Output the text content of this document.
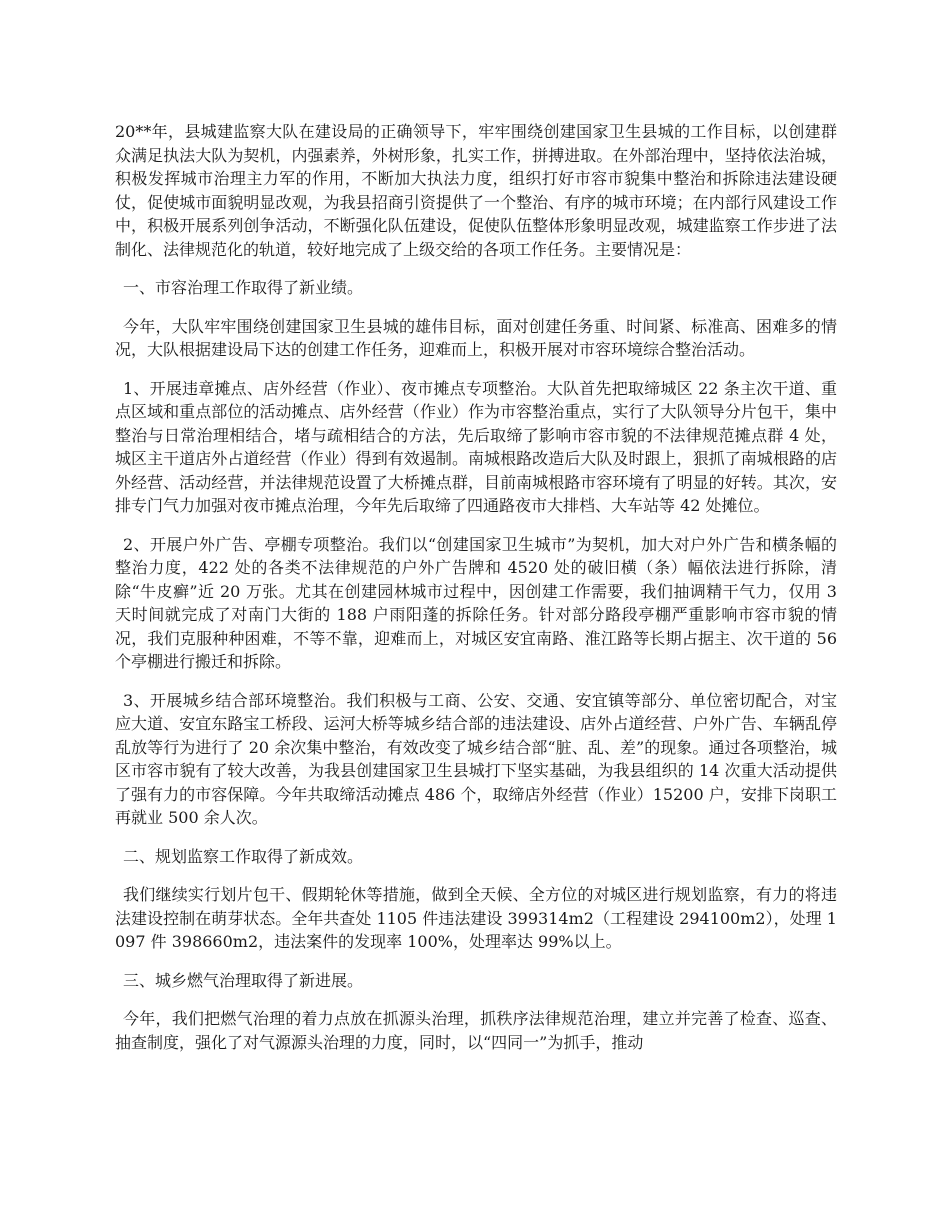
20**年，县城建监察大队在建设局的正确领导下，牢牢围绕创建国家卫生县城的工作目标，以创建群众满足执法大队为契机，内强素养，外树形象，扎实工作，拼搏进取。在外部治理中，坚持依法治城，积极发挥城市治理主力军的作用，不断加大执法力度，组织打好市容市貌集中整治和拆除违法建设硬仗，促使城市面貌明显改观，为我县招商引资提供了一个整治、有序的城市环境；在内部行风建设工作中，积极开展系列创争活动，不断强化队伍建设，促使队伍整体形象明显改观，城建监察工作步进了法制化、法律规范化的轨道，较好地完成了上级交给的各项工作任务。主要情况是：

一、市容治理工作取得了新业绩。

今年，大队牢牢围绕创建国家卫生县城的雄伟目标，面对创建任务重、时间紧、标准高、困难多的情况，大队根据建设局下达的创建工作任务，迎难而上，积极开展对市容环境综合整治活动。

1、开展违章摊点、店外经营（作业）、夜市摊点专项整治。大队首先把取缔城区 22 条主次干道、重点区域和重点部位的活动摊点、店外经营（作业）作为市容整治重点，实行了大队领导分片包干，集中整治与日常治理相结合，堵与疏相结合的方法，先后取缔了影响市容市貌的不法律规范摊点群 4 处，城区主干道店外占道经营（作业）得到有效遏制。南城根路改造后大队及时跟上，狠抓了南城根路的店外经营、活动经营，并法律规范设置了大桥摊点群，目前南城根路市容环境有了明显的好转。其次，安排专门气力加强对夜市摊点治理，今年先后取缔了四通路夜市大排档、大车站等 42 处摊位。

2、开展户外广告、亭棚专项整治。我们以“创建国家卫生城市”为契机，加大对户外广告和横条幅的整治力度，422 处的各类不法律规范的户外广告牌和 4520 处的破旧横（条）幅依法进行拆除，清除“牛皮癣”近 20 万张。尤其在创建园林城市过程中，因创建工作需要，我们抽调精干气力，仅用 3 天时间就完成了对南门大街的 188 户雨阳蓬的拆除任务。针对部分路段亭棚严重影响市容市貌的情况，我们克服种种困难，不等不靠，迎难而上，对城区安宜南路、淮江路等长期占据主、次干道的 56 个亭棚进行搬迁和拆除。

3、开展城乡结合部环境整治。我们积极与工商、公安、交通、安宜镇等部分、单位密切配合，对宝应大道、安宜东路宝工桥段、运河大桥等城乡结合部的违法建设、店外占道经营、户外广告、车辆乱停乱放等行为进行了 20 余次集中整治，有效改变了城乡结合部“脏、乱、差”的现象。通过各项整治，城区市容市貌有了较大改善，为我县创建国家卫生县城打下坚实基础，为我县组织的 14 次重大活动提供了强有力的市容保障。今年共取缔活动摊点 486 个，取缔店外经营（作业）15200 户，安排下岗职工再就业 500 余人次。

二、规划监察工作取得了新成效。

我们继续实行划片包干、假期轮休等措施，做到全天候、全方位的对城区进行规划监察，有力的将违法建设控制在萌芽状态。全年共查处 1105 件违法建设 399314m2（工程建设 294100m2），处理 1097 件 398660m2，违法案件的发现率 100%，处理率达 99%以上。

三、城乡燃气治理取得了新进展。

今年，我们把燃气治理的着力点放在抓源头治理，抓秩序法律规范治理，建立并完善了检查、巡查、抽查制度，强化了对气源源头治理的力度，同时，以“四同一”为抓手，推动
